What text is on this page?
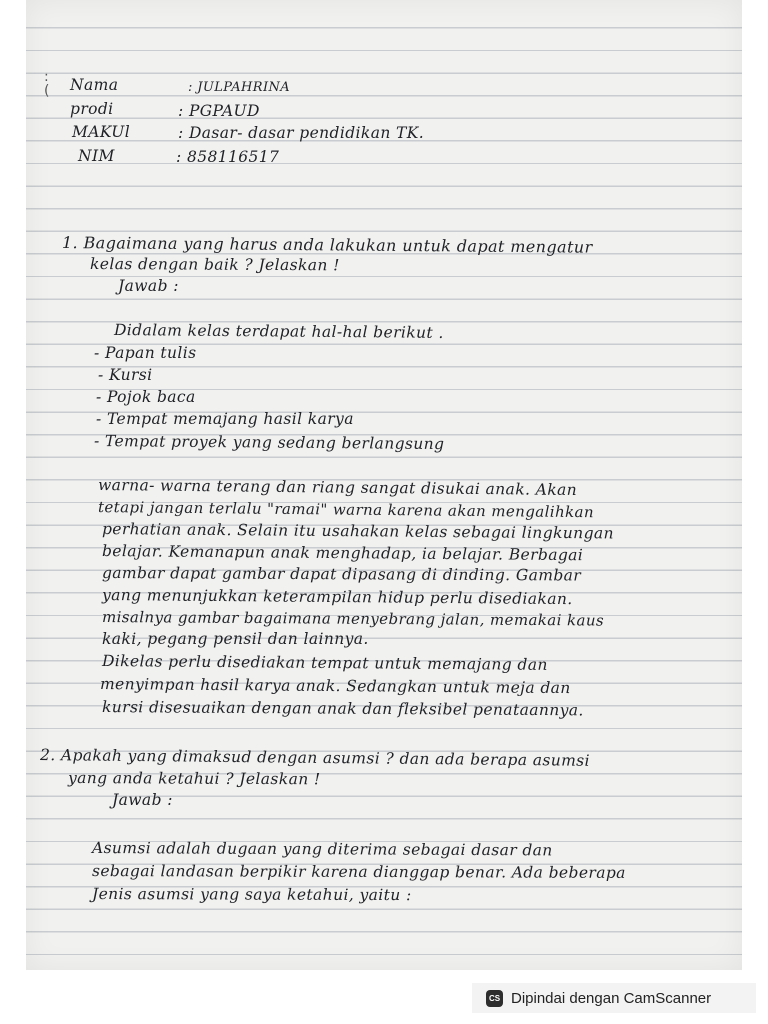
:
( Nama	: JULPAHRINA
prodi	: PGPAUD
MAKUl	: Dasar- dasar pendidikan TK.
NIM	: 858116517
1. Bagaimana yang harus anda lakukan untuk dapat mengatur
kelas dengan baik ? Jelaskan !
Jawab :
Didalam kelas terdapat hal-hal berikut .
- Papan tulis
- Kursi
- Pojok baca
- Tempat memajang hasil karya
- Tempat proyek yang sedang berlangsung
warna- warna terang dan riang sangat disukai anak. Akan
tetapi jangan terlalu "ramai" warna karena akan mengalihkan
perhatian anak. Selain itu usahakan kelas sebagai lingkungan
belajar. Kemanapun anak menghadap, ia belajar. Berbagai
gambar dapat gambar dapat dipasang di dinding. Gambar
yang menunjukkan keterampilan hidup perlu disediakan.
misalnya gambar bagaimana menyebrang jalan, memakai kaus
kaki, pegang pensil dan lainnya.
Dikelas perlu disediakan tempat untuk memajang dan
menyimpan hasil karya anak. Sedangkan untuk meja dan
kursi disesuaikan dengan anak dan fleksibel penataannya.
2. Apakah yang dimaksud dengan asumsi ? dan ada berapa asumsi
yang anda ketahui ? Jelaskan !
Jawab :
Asumsi adalah dugaan yang diterima sebagai dasar dan
sebagai landasan berpikir karena dianggap benar. Ada beberapa
Jenis asumsi yang saya ketahui, yaitu :
CS Dipindai dengan CamScanner
